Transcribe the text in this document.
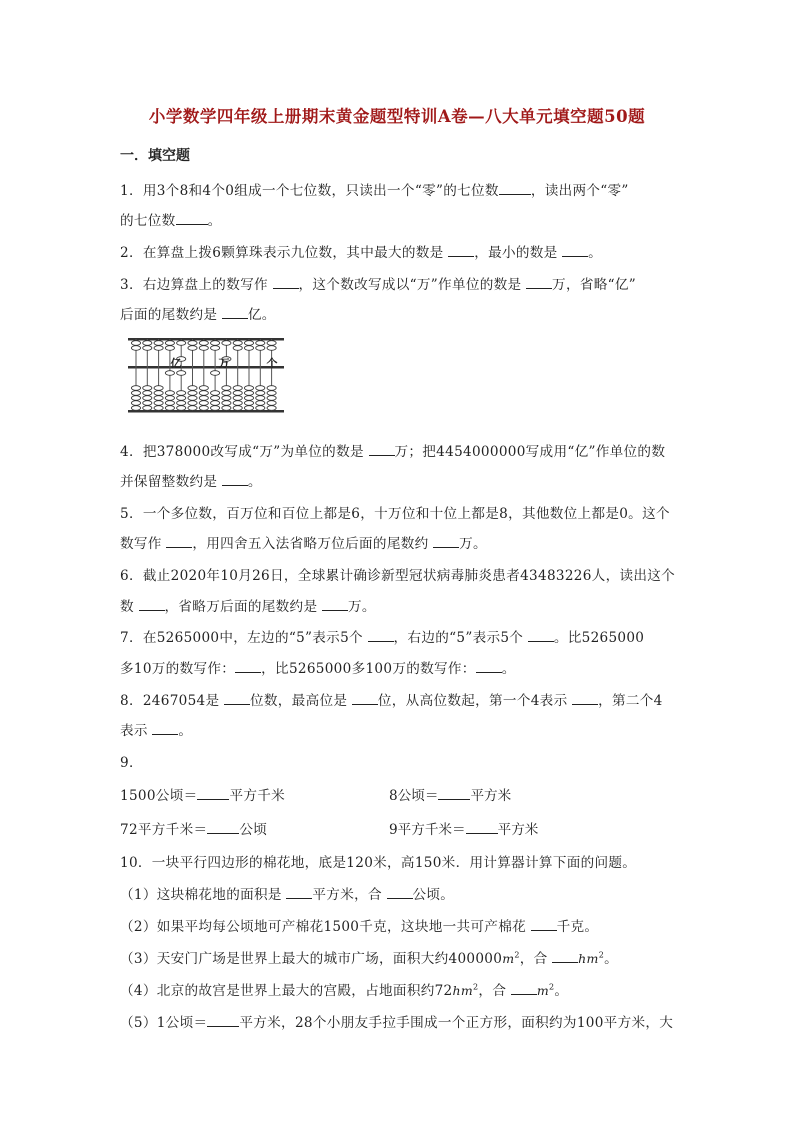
小学数学四年级上册期末黄金题型特训A卷—八大单元填空题50题
一．填空题
1．用3个8和4个0组成一个七位数，只读出一个“零”的七位数 ，读出两个“零”
的七位数 。
2．在算盘上拨6颗算珠表示九位数，其中最大的数是 ，最小的数是 。
3．右边算盘上的数写作 ，这个数改写成以“万”作单位的数是 万，省略“亿”
后面的尾数约是 亿。
亿	万	个
4．把378000改写成“万”为单位的数是 万；把4454000000写成用“亿”作单位的数
并保留整数约是 。
5．一个多位数，百万位和百位上都是6，十万位和十位上都是8，其他数位上都是0。这个
数写作 ，用四舍五入法省略万位后面的尾数约 万。
6．截止2020年10月26日，全球累计确诊新型冠状病毒肺炎患者43483226人，读出这个
数 ，省略万后面的尾数约是 万。
7．在5265000中，左边的“5”表示5个 ，右边的“5”表示5个 。比5265000
多10万的数写作： ，比5265000多100万的数写作： 。
8．2467054是 位数，最高位是 位，从高位数起，第一个4表示 ，第二个4
表示 。
9．
1500公顷＝ 平方千米	8公顷＝ 平方米
72平方千米＝ 公顷	9平方千米＝ 平方米
10．一块平行四边形的棉花地，底是120米，高150米．用计算器计算下面的问题。
（1）这块棉花地的面积是 平方米，合 公顷。
（2）如果平均每公顷地可产棉花1500千克，这块地一共可产棉花 千克。
（3）天安门广场是世界上最大的城市广场，面积大约$400000m^2$，合 $hm^2$。
（4）北京的故宫是世界上最大的宫殿，占地面积约$72hm^2$，合 $m^2$。
（5）1公顷＝ 平方米，28个小朋友手拉手围成一个正方形，面积约为100平方米，大
